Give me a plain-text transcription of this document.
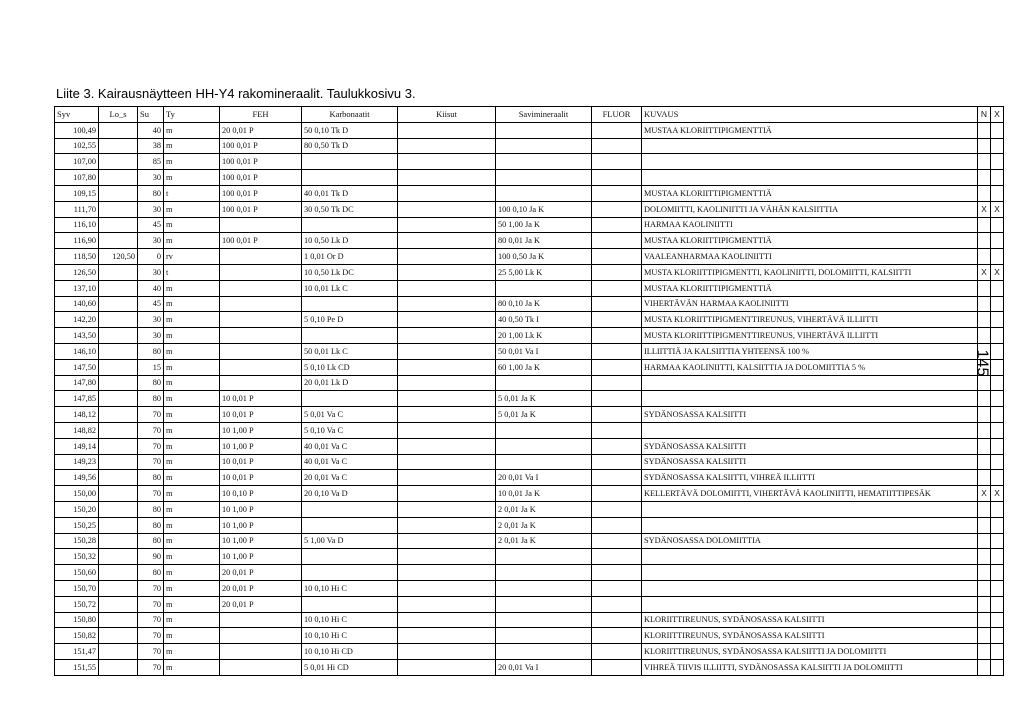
Liite 3. Kairausnäytteen HH-Y4 rakomineraalit. Taulukkosivu 3.
145
Syv	Lo_s	Su	Ty	FEH	Karbonaatit	Kiisut	Savimineraalit	FLUOR	KUVAUS	N	X
100,49		40	m	20 0,01 P	50 0,10 Tk D				MUSTAA KLORIITTIPIGMENTTIÄ		
102,55		38	m	100 0,01 P	80 0,50 Tk D						
107,00		85	m	100 0,01 P							
107,80		30	m	100 0,01 P							
109,15		80	t	100 0,01 P	40 0,01 Tk D				MUSTAA KLORIITTIPIGMENTTIÄ		
111,70		30	m	100 0,01 P	30 0,50 Tk DC		100 0,10 Ja K		DOLOMIITTI, KAOLINIITTI JA VÄHÄN KALSIITTIA	X	X
116,10		45	m				50 1,00 Ja K		HARMAA KAOLINIITTI		
116,90		30	m	100 0,01 P	10 0,50 Lk D		80 0,01 Ja K		MUSTAA KLORIITTIPIGMENTTIÄ		
118,50	120,50	0	rv		1 0,01 Or D		100 0,50 Ja K		VAALEANHARMAA KAOLINIITTI		
126,50		30	t		10 0,50 Lk DC		25 5,00 Lk K		MUSTA KLORIITTIPIGMENTTI, KAOLINIITTI, DOLOMIITTI, KALSIITTI	X	X
137,10		40	m		10 0,01 Lk C				MUSTAA KLORIITTIPIGMENTTIÄ		
140,60		45	m				80 0,10 Ja K		VIHERTÄVÄN HARMAA KAOLINIITTI		
142,20		30	m		5 0,10 Pe D		40 0,50 Tk I		MUSTA KLORIITTIPIGMENTTIREUNUS, VIHERTÄVÄ ILLIITTI		
143,50		30	m				20 1,00 Lk K		MUSTA KLORIITTIPIGMENTTIREUNUS, VIHERTÄVÄ ILLIITTI		
146,10		80	m		50 0,01 Lk C		50 0,01 Va I		ILLIITTIÄ JA KALSIITTIA YHTEENSÄ 100 %		
147,50		15	m		5 0,10 Lk CD		60 1,00 Ja K		HARMAA KAOLINIITTI, KALSIITTIA JA DOLOMIITTIA 5 %		
147,80		80	m		20 0,01 Lk D						
147,85		80	m	10 0,01 P			5 0,01 Ja K				
148,12		70	m	10 0,01 P	5 0,01 Va C		5 0,01 Ja K		SYDÄNOSASSA KALSIITTI		
148,82		70	m	10 1,00 P	5 0,10 Va C						
149,14		70	m	10 1,00 P	40 0,01 Va C				SYDÄNOSASSA KALSIITTI		
149,23		70	m	10 0,01 P	40 0,01 Va C				SYDÄNOSASSA KALSIITTI		
149,56		80	m	10 0,01 P	20 0,01 Va C		20 0,01 Va I		SYDÄNOSASSA KALSIITTI, VIHREÄ ILLIITTI		
150,00		70	m	10 0,10 P	20 0,10 Va D		10 0,01 Ja K		KELLERTÄVÄ DOLOMIITTI, VIHERTÄVÄ KAOLINIITTI, HEMATIITTIPESÄK	X	X
150,20		80	m	10 1,00 P			2 0,01 Ja K				
150,25		80	m	10 1,00 P			2 0,01 Ja K				
150,28		80	m	10 1,00 P	5 1,00 Va D		2 0,01 Ja K		SYDÄNOSASSA DOLOMIITTIA		
150,32		90	m	10 1,00 P							
150,60		80	m	20 0,01 P							
150,70		70	m	20 0,01 P	10 0,10 Hi C						
150,72		70	m	20 0,01 P							
150,80		70	m		10 0,10 Hi C				KLORIITTIREUNUS, SYDÄNOSASSA KALSIITTI		
150,82		70	m		10 0,10 Hi C				KLORIITTIREUNUS, SYDÄNOSASSA KALSIITTI		
151,47		70	m		10 0,10 Hi CD				KLORIITTIREUNUS, SYDÄNOSASSA KALSIITTI JA DOLOMIITTI		
151,55		70	m		5 0,01 Hi CD		20 0,01 Va I		VIHREÄ TIIVIS ILLIITTI, SYDÄNOSASSA KALSIITTI JA DOLOMIITTI		
